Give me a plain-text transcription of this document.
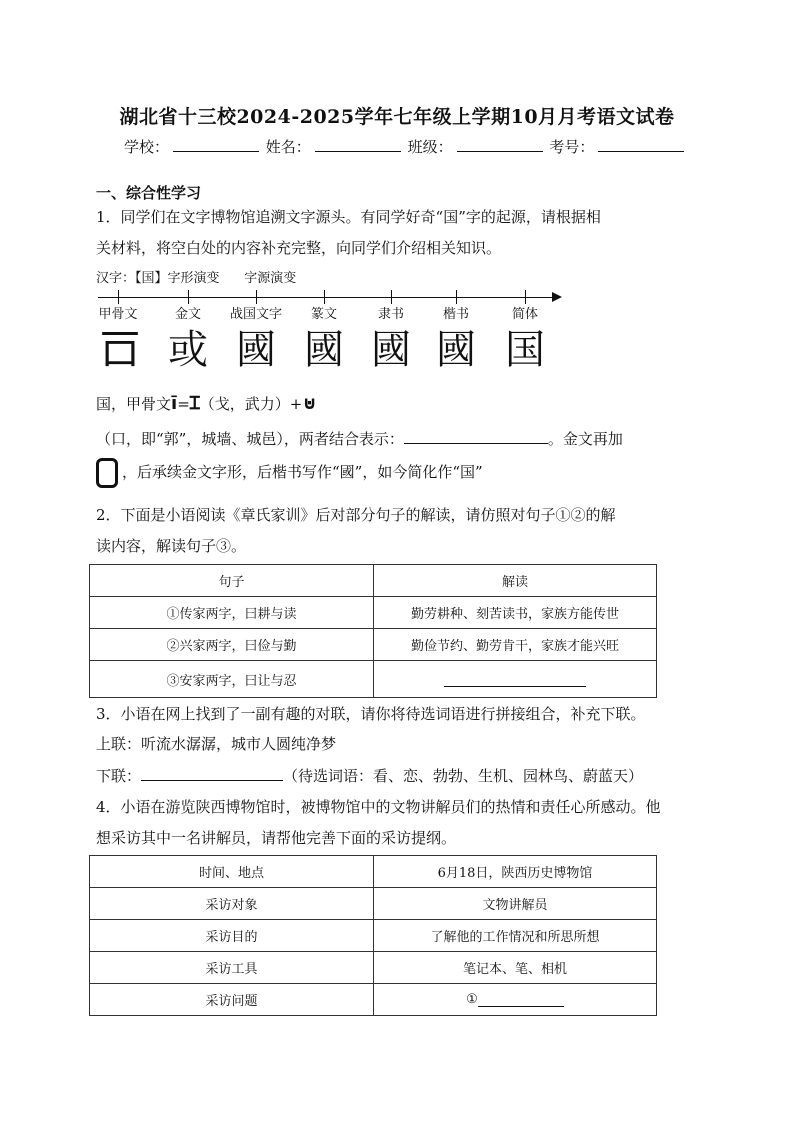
湖北省十三校2024-2025学年七年级上学期10月月考语文试卷
学校：	姓名：	班级：	考号：
一、综合性学习
1．同学们在文字博物馆追溯文字源头。有同学好奇“国”字的起源，请根据相
关材料，将空白处的内容补充完整，向同学们介绍相关知识。
汉字：【国】字形演变      字源演变
甲骨文	金文 战国文字 篆文	隶书	楷书	简体
𠮛 或 國 國 國 國 国
国，甲骨文ī=Ɪ（戈，武力）+⊍
（口，即“郭”，城墙、城邑），两者结合表示：	。金文再加
，后承续金文字形，后楷书写作“國”，如今简化作“国”
2．下面是小语阅读《章氏家训》后对部分句子的解读，请仿照对句子①②的解
读内容，解读句子③。
句子	解读
①传家两字，曰耕与读	勤劳耕种、刻苦读书，家族方能传世
②兴家两字，曰俭与勤	勤俭节约、勤劳肯干，家族才能兴旺
③安家两字，曰让与忍	
3．小语在网上找到了一副有趣的对联，请你将待选词语进行拼接组合，补充下联。
上联：听流水潺潺，城市人圆纯净梦
下联：	（待选词语：看、恋、勃勃、生机、园林鸟、蔚蓝天）
4．小语在游览陕西博物馆时，被博物馆中的文物讲解员们的热情和责任心所感动。他
想采访其中一名讲解员，请帮他完善下面的采访提纲。
时间、地点	6月18日，陕西历史博物馆
采访对象	文物讲解员
采访目的	了解他的工作情况和所思所想
采访工具	笔记本、笔、相机
采访问题	①
